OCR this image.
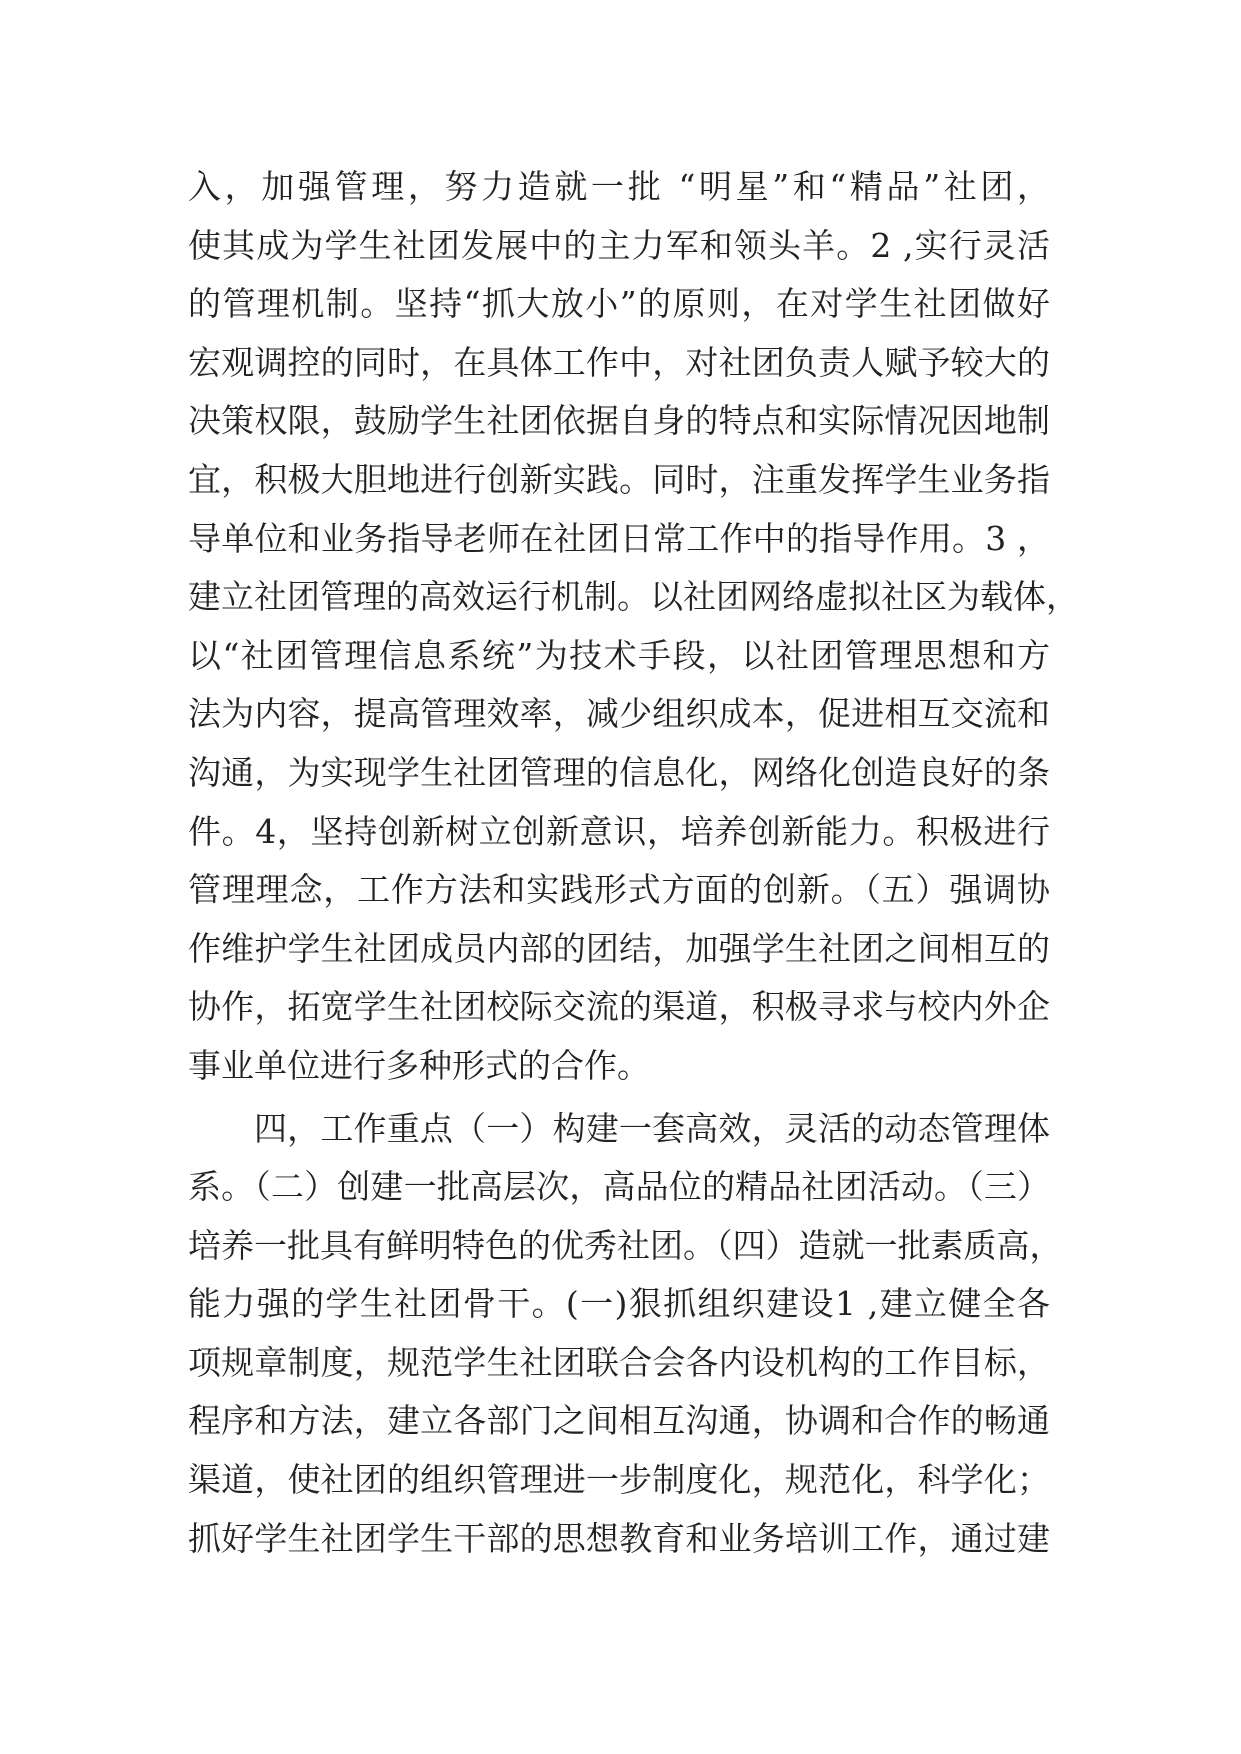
入，加强管理，努力造就一批 “明星”和“精品”社团，
使其成为学生社团发展中的主力军和领头羊。2 ,实行灵活
的管理机制。坚持“抓大放小”的原则，在对学生社团做好
宏观调控的同时，在具体工作中，对社团负责人赋予较大的
决策权限，鼓励学生社团依据自身的特点和实际情况因地制
宜，积极大胆地进行创新实践。同时，注重发挥学生业务指
导单位和业务指导老师在社团日常工作中的指导作用。3 ，
建立社团管理的高效运行机制。以社团网络虚拟社区为载体，
以“社团管理信息系统”为技术手段，以社团管理思想和方
法为内容，提高管理效率，减少组织成本，促进相互交流和
沟通，为实现学生社团管理的信息化，网络化创造良好的条
件。4，坚持创新树立创新意识，培养创新能力。积极进行
管理理念，工作方法和实践形式方面的创新。（五）强调协
作维护学生社团成员内部的团结，加强学生社团之间相互的
协作，拓宽学生社团校际交流的渠道，积极寻求与校内外企
事业单位进行多种形式的合作。
四，工作重点（一）构建一套高效，灵活的动态管理体
系。（二）创建一批高层次，高品位的精品社团活动。（三）
培养一批具有鲜明特色的优秀社团。（四）造就一批素质高，
能力强的学生社团骨干。(一)狠抓组织建设1 ,建立健全各
项规章制度，规范学生社团联合会各内设机构的工作目标，
程序和方法，建立各部门之间相互沟通，协调和合作的畅通
渠道，使社团的组织管理进一步制度化，规范化，科学化；
抓好学生社团学生干部的思想教育和业务培训工作，通过建
